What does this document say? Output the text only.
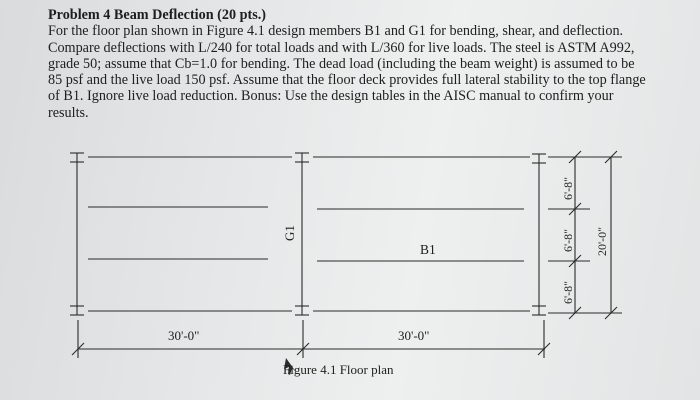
Problem 4 Beam Deflection (20 pts.)
For the floor plan shown in Figure 4.1 design members B1 and G1 for bending, shear, and deflection. Compare deflections with L/240 for total loads and with L/360 for live loads. The steel is ASTM A992, grade 50; assume that Cb=1.0 for bending. The dead load (including the beam weight) is assumed to be 85 psf and the live load 150 psf. Assume that the floor deck provides full lateral stability to the top flange of B1. Ignore live load reduction. Bonus: Use the design tables in the AISC manual to confirm your results.

30'-0"	30'-0"
B1
G1
6'-8"
6'-8"
6'-8"
20'-0"
Figure 4.1 Floor plan
